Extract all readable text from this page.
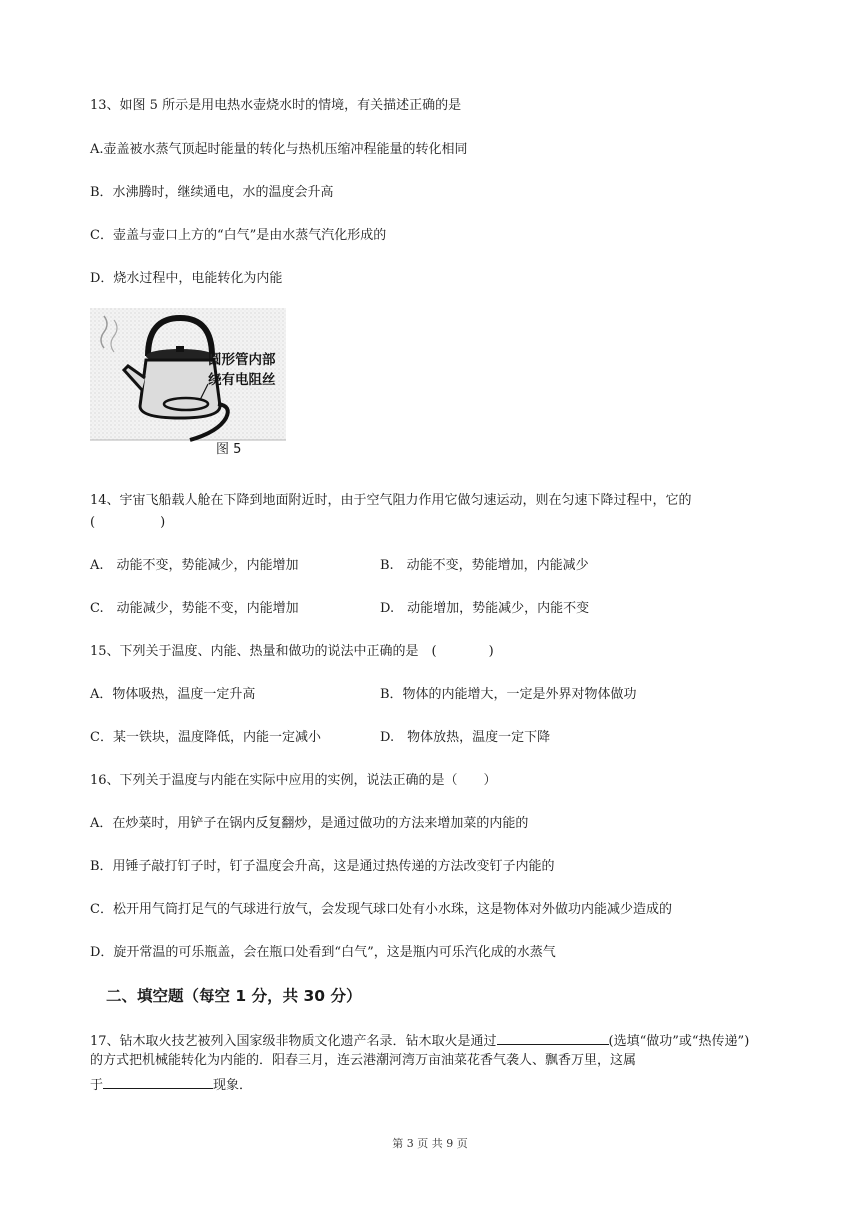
13、如图 5 所示是用电热水壶烧水时的情境，有关描述正确的是
A.壶盖被水蒸气顶起时能量的转化与热机压缩冲程能量的转化相同
B．水沸腾时，继续通电，水的温度会升高
C．壶盖与壶口上方的“白气”是由水蒸气汽化形成的
D．烧水过程中，电能转化为内能
圆形管内部
绕有电阻丝
图 5
14、宇宙飞船载人舱在下降到地面附近时，由于空气阻力作用它做匀速运动，则在匀速下降过程中，它的
(　　　　　)
A.　动能不变，势能减少，内能增加	B.　动能不变，势能增加，内能减少
C.　动能减少，势能不变，内能增加	D.　动能增加，势能减少，内能不变
15、下列关于温度、内能、热量和做功的说法中正确的是　(　　　　)
A．物体吸热，温度一定升高	B．物体的内能增大，一定是外界对物体做功
C．某一铁块，温度降低，内能一定减小	D.　物体放热，温度一定下降
16、下列关于温度与内能在实际中应用的实例，说法正确的是（　　）
A．在炒菜时，用铲子在锅内反复翻炒，是通过做功的方法来增加菜的内能的
B．用锤子敲打钉子时，钉子温度会升高，这是通过热传递的方法改变钉子内能的
C．松开用气筒打足气的气球进行放气，会发现气球口处有小水珠，这是物体对外做功内能减少造成的
D．旋开常温的可乐瓶盖，会在瓶口处看到“白气”，这是瓶内可乐汽化成的水蒸气
二、填空题（每空 1 分，共 30 分）
17、钻木取火技艺被列入国家级非物质文化遗产名录．钻木取火是通过	(选填“做功”或“热传递”)
的方式把机械能转化为内能的．阳春三月，连云港潮河湾万亩油菜花香气袭人、飘香万里，这属
于	现象．
第 3 页 共 9 页
